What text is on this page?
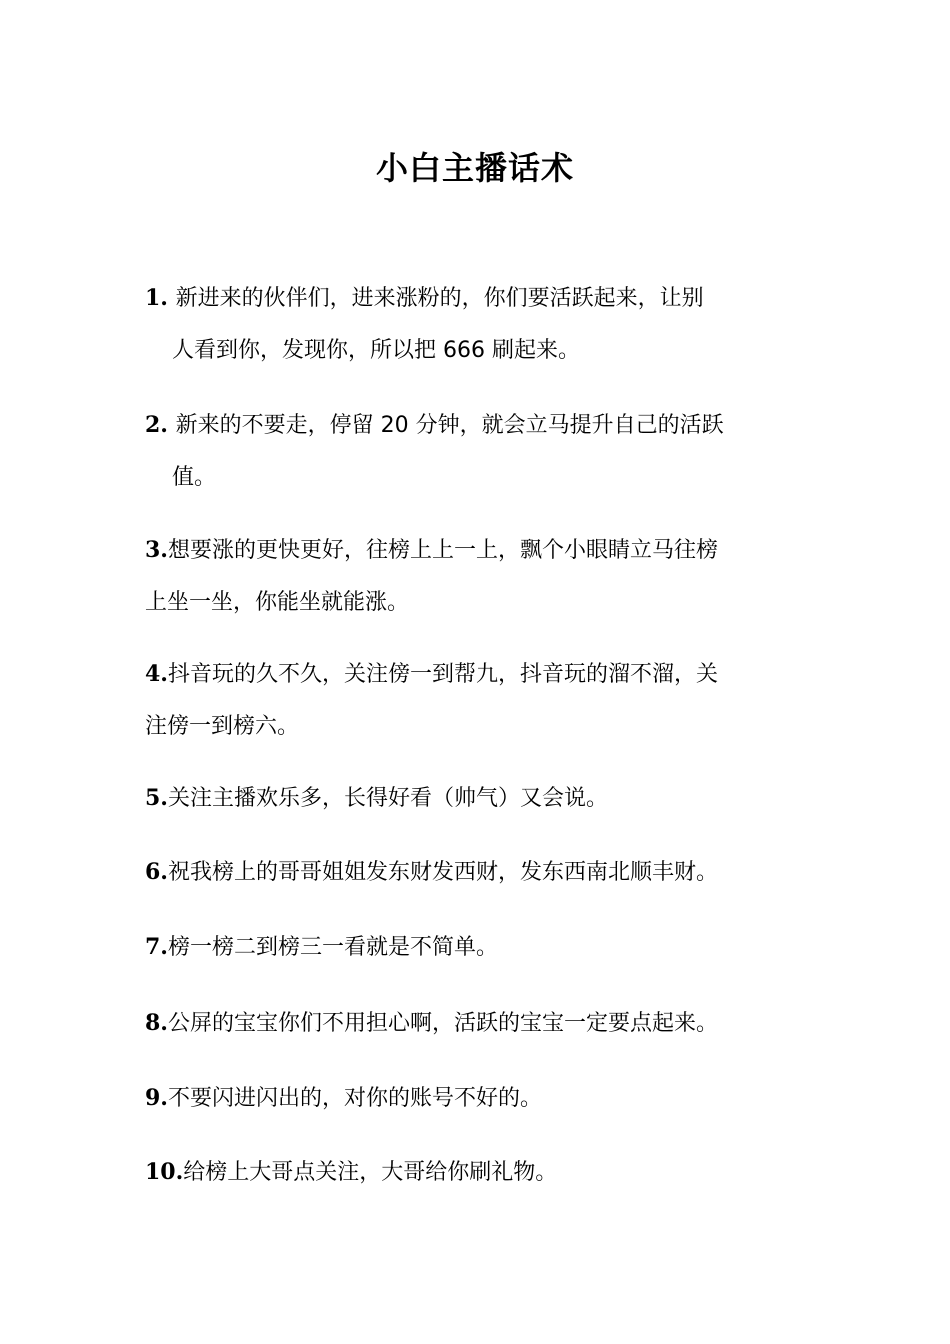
小白主播话术
1. 新进来的伙伴们，进来涨粉的，你们要活跃起来，让别
人看到你，发现你，所以把 666 刷起来。
2. 新来的不要走，停留 20 分钟，就会立马提升自己的活跃
值。
3.想要涨的更快更好，往榜上上一上，飘个小眼睛立马往榜
上坐一坐，你能坐就能涨。
4.抖音玩的久不久，关注傍一到帮九，抖音玩的溜不溜，关
注傍一到榜六。
5.关注主播欢乐多，长得好看（帅气）又会说。
6.祝我榜上的哥哥姐姐发东财发西财，发东西南北顺丰财。
7.榜一榜二到榜三一看就是不简单。
8.公屏的宝宝你们不用担心啊，活跃的宝宝一定要点起来。
9.不要闪进闪出的，对你的账号不好的。
10.给榜上大哥点关注，大哥给你刷礼物。
